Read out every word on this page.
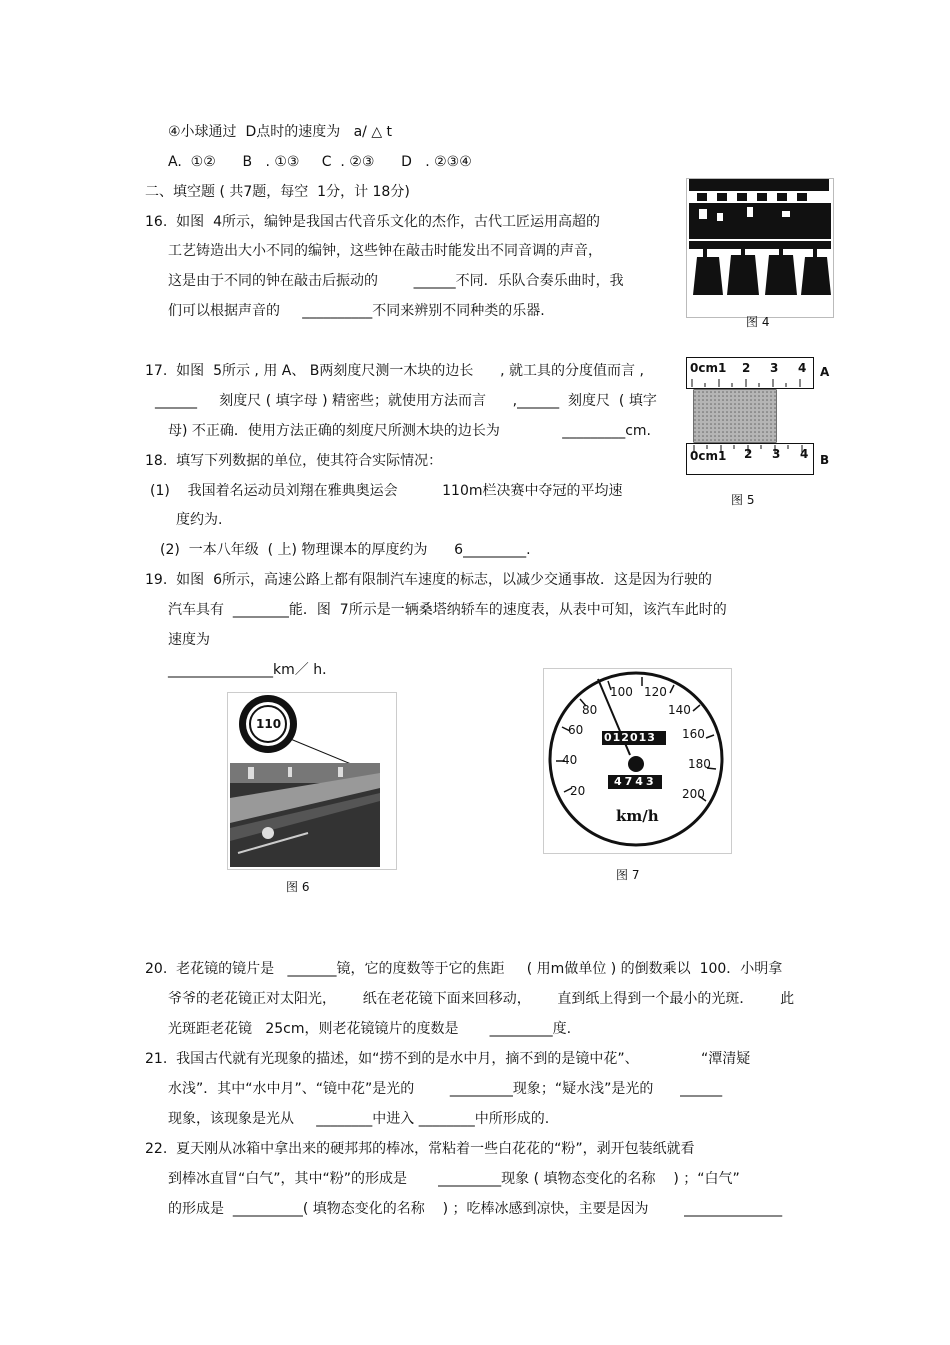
④小球通过  D点时的速度为   a/ △ t
A.  ①②      B   . ①③     C  . ②③      D   . ②③④
二、填空题 ( 共7题，每空  1分，计 18分)
16.  如图  4所示，编钟是我国古代音乐文化的杰作，古代工匠运用高超的
工艺铸造出大小不同的编钟，这些钟在敲击时能发出不同音调的声音，
这是由于不同的钟在敲击后振动的        ______不同．乐队合奏乐曲时，我
们可以根据声音的     __________不同来辨别不同种类的乐器.
17.  如图  5所示 , 用 A、 B两刻度尺测一木块的边长      , 就工具的分度值而言 ,
______     刻度尺 ( 填字母 ) 精密些；就使用方法而言      ,______  刻度尺  ( 填字
母) 不正确．使用方法正确的刻度尺所测木块的边长为              _________cm.
18.  填写下列数据的单位，使其符合实际情况：
(1)    我国着名运动员刘翔在雅典奥运会          110m栏决赛中夺冠的平均速
度约为.
(2)  一本八年级  ( 上) 物理课本的厚度约为      6_________.
19.  如图  6所示，高速公路上都有限制汽车速度的标志，以减少交通事故．这是因为行驶的
汽车具有  ________能．图  7所示是一辆桑塔纳轿车的速度表，从表中可知，该汽车此时的
速度为
_______________km／ h．
20.  老花镜的镜片是   _______镜，它的度数等于它的焦距     ( 用m做单位 ) 的倒数乘以  100．小明拿
爷爷的老花镜正对太阳光，      纸在老花镜下面来回移动，      直到纸上得到一个最小的光斑．      此
光斑距老花镜   25cm，则老花镜镜片的度数是       _________度.
21.  我国古代就有光现象的描述，如“捞不到的是水中月，摘不到的是镜中花”、              “潭清疑
水浅”．其中“水中月”、“镜中花”是光的        _________现象；“疑水浅”是光的      ______
现象，该现象是光从     ________中进入 ________中所形成的.
22.  夏天刚从冰箱中拿出来的硬邦邦的棒冰，常粘着一些白花花的“粉”，剥开包装纸就看
到棒冰直冒“白气”，其中“粉”的形成是       _________现象 ( 填物态变化的名称    ) ；“白气”
的形成是  __________( 填物态变化的名称    ) ；吃棒冰感到凉快，主要是因为        ______________
图 4
0cm1 2 3 4 A
0cm1 2 3 4 B
图 5
110
图 6
20
40
60
80
100 120
140
160
180
200
012013
4743
km/h
图 7
